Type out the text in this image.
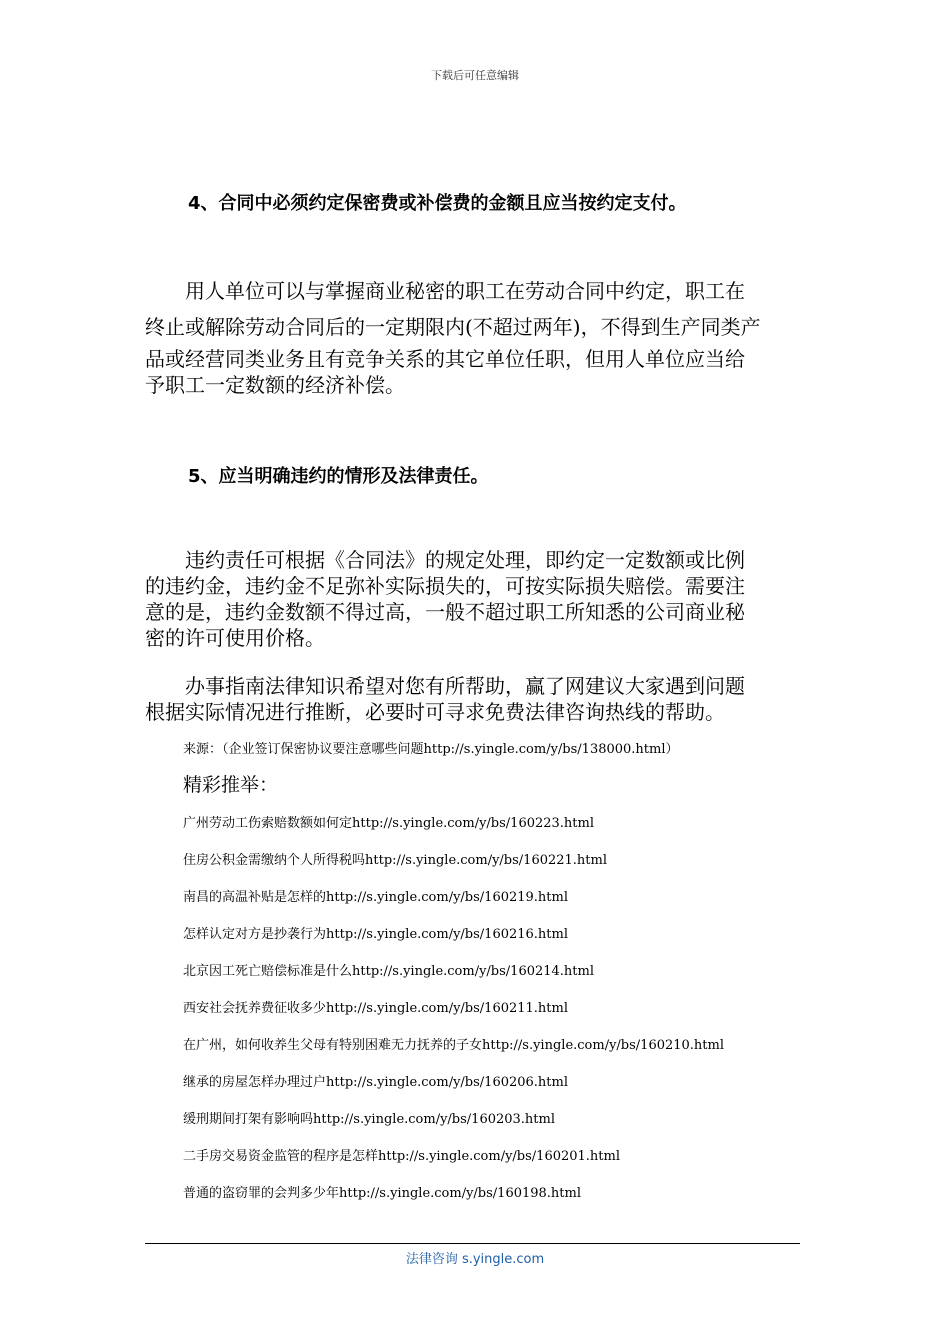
下载后可任意编辑
4、合同中必须约定保密费或补偿费的金额且应当按约定支付。
　　用人单位可以与掌握商业秘密的职工在劳动合同中约定，职工在
终止或解除劳动合同后的一定期限内(不超过两年)，不得到生产同类产
品或经营同类业务且有竞争关系的其它单位任职，但用人单位应当给
予职工一定数额的经济补偿。
5、应当明确违约的情形及法律责任。
　　违约责任可根据《合同法》的规定处理，即约定一定数额或比例
的违约金，违约金不足弥补实际损失的，可按实际损失赔偿。需要注
意的是，违约金数额不得过高，一般不超过职工所知悉的公司商业秘
密的许可使用价格。
　　办事指南法律知识希望对您有所帮助，赢了网建议大家遇到问题
根据实际情况进行推断，必要时可寻求免费法律咨询热线的帮助。
来源：（企业签订保密协议要注意哪些问题http://s.yingle.com/y/bs/138000.html）
精彩推举：
广州劳动工伤索赔数额如何定http://s.yingle.com/y/bs/160223.html
住房公积金需缴纳个人所得税吗http://s.yingle.com/y/bs/160221.html
南昌的高温补贴是怎样的http://s.yingle.com/y/bs/160219.html
怎样认定对方是抄袭行为http://s.yingle.com/y/bs/160216.html
北京因工死亡赔偿标准是什么http://s.yingle.com/y/bs/160214.html
西安社会抚养费征收多少http://s.yingle.com/y/bs/160211.html
在广州，如何收养生父母有特别困难无力抚养的子女http://s.yingle.com/y/bs/160210.html
继承的房屋怎样办理过户http://s.yingle.com/y/bs/160206.html
缓刑期间打架有影响吗http://s.yingle.com/y/bs/160203.html
二手房交易资金监管的程序是怎样http://s.yingle.com/y/bs/160201.html
普通的盗窃罪的会判多少年http://s.yingle.com/y/bs/160198.html
法律咨询 s.yingle.com
